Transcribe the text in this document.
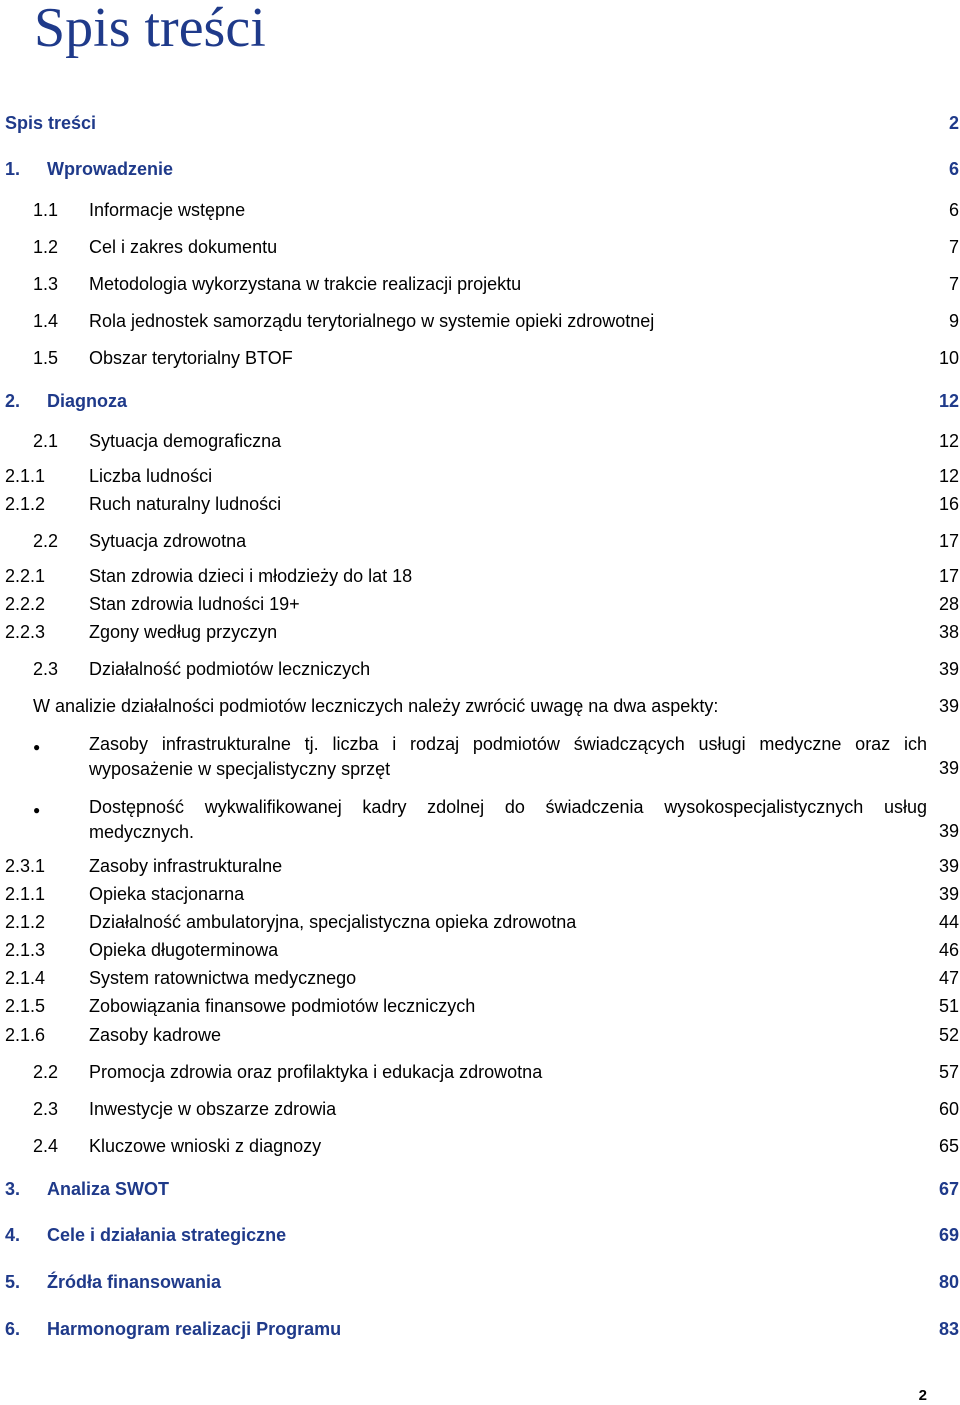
Spis treści
Spis treści	2
1. Wprowadzenie	6
1.1 Informacje wstępne	6
1.2 Cel i zakres dokumentu	7
1.3 Metodologia wykorzystana w trakcie realizacji projektu	7
1.4 Rola jednostek samorządu terytorialnego w systemie opieki zdrowotnej	9
1.5 Obszar terytorialny BTOF	10
2. Diagnoza	12
2.1 Sytuacja demograficzna	12
2.1.1 Liczba ludności	12
2.1.2 Ruch naturalny ludności	16
2.2 Sytuacja zdrowotna	17
2.2.1 Stan zdrowia dzieci i młodzieży do lat 18	17
2.2.2 Stan zdrowia ludności 19+	28
2.2.3 Zgony według przyczyn	38
2.3 Działalność podmiotów leczniczych	39
W analizie działalności podmiotów leczniczych należy zwrócić uwagę na dwa aspekty:	39
●	Zasoby infrastrukturalne tj. liczba i rodzaj podmiotów świadczących usługi medyczne oraz ich
wyposażenie w specjalistyczny sprzęt	39
●	Dostępność wykwalifikowanej kadry zdolnej do świadczenia wysokospecjalistycznych usług
medycznych.	39
2.3.1 Zasoby infrastrukturalne	39
2.1.1 Opieka stacjonarna	39
2.1.2 Działalność ambulatoryjna, specjalistyczna opieka zdrowotna	44
2.1.3 Opieka długoterminowa	46
2.1.4 System ratownictwa medycznego	47
2.1.5 Zobowiązania finansowe podmiotów leczniczych	51
2.1.6 Zasoby kadrowe	52
2.2 Promocja zdrowia oraz profilaktyka i edukacja zdrowotna	57
2.3 Inwestycje w obszarze zdrowia	60
2.4 Kluczowe wnioski z diagnozy	65
3. Analiza SWOT	67
4. Cele i działania strategiczne	69
5. Źródła finansowania	80
6. Harmonogram realizacji Programu	83
2
